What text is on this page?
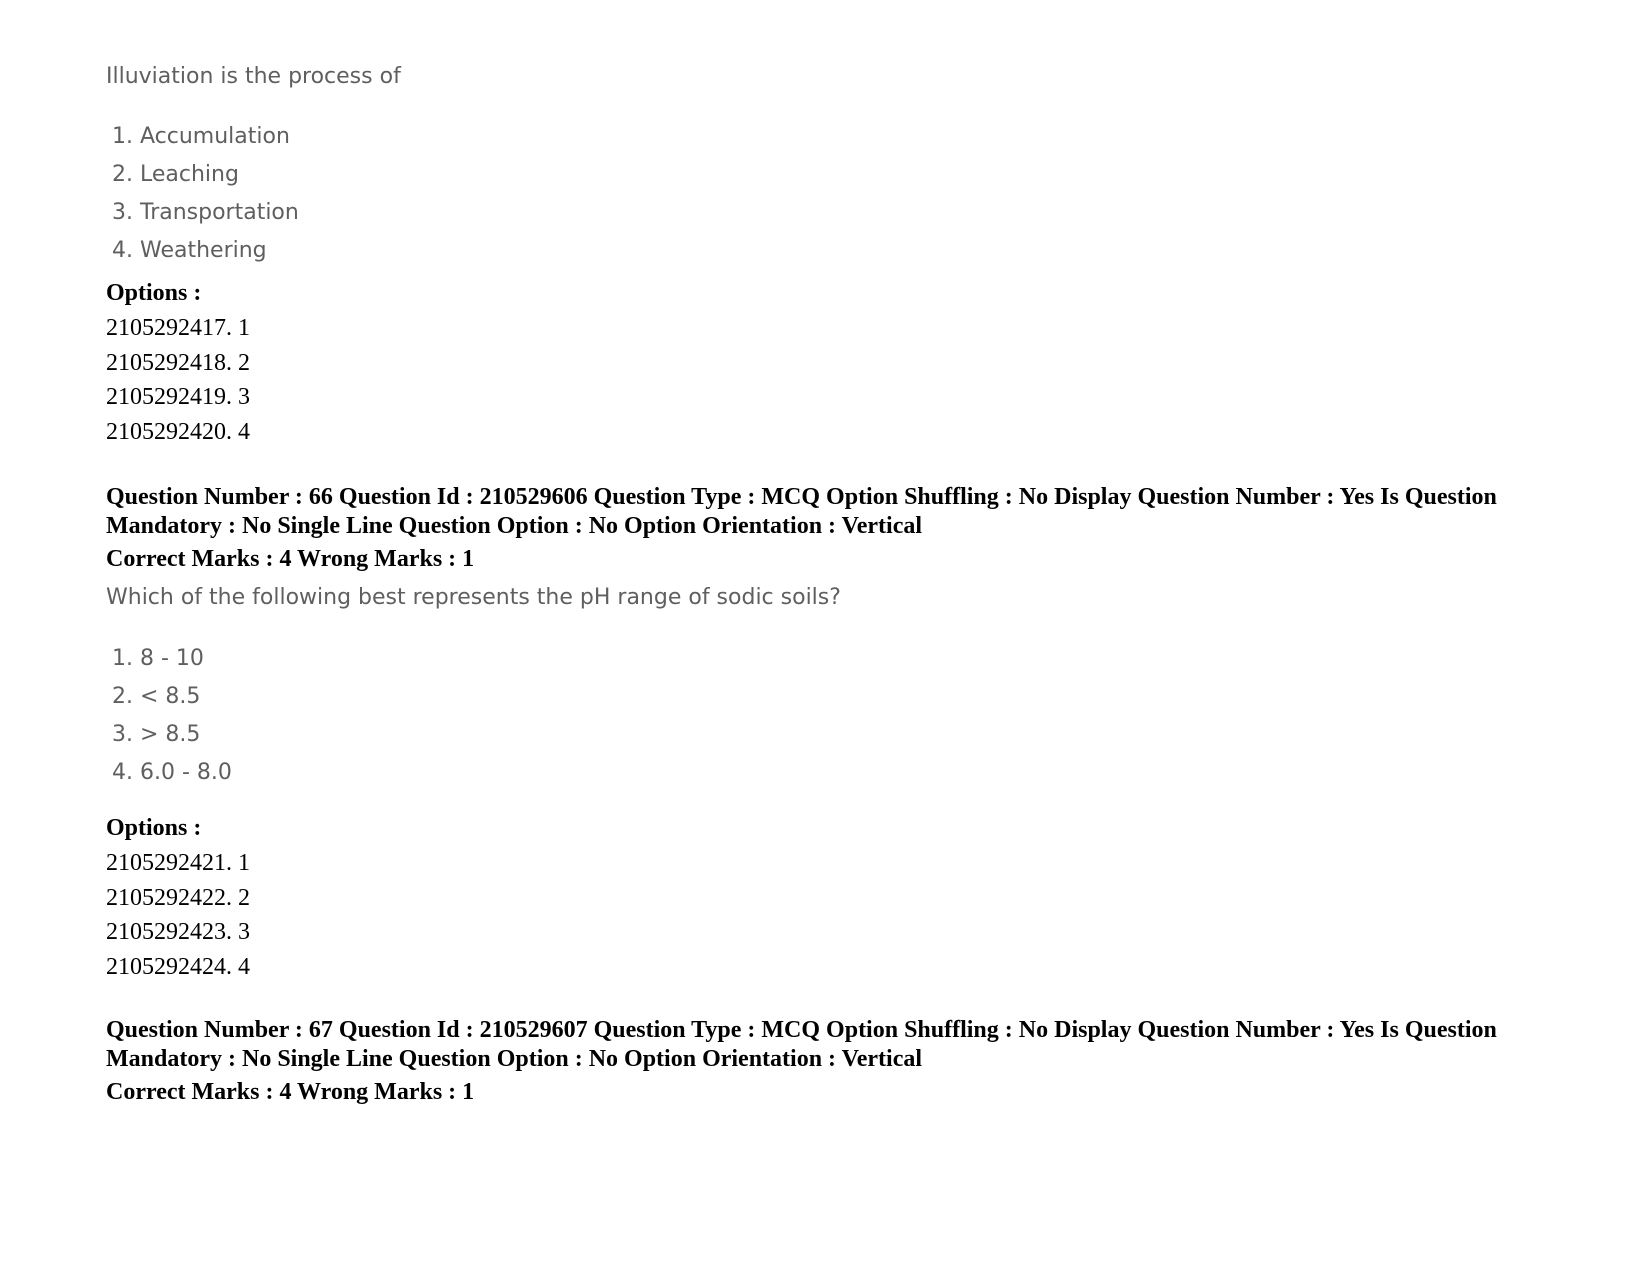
Illuviation is the process of

1. Accumulation
2. Leaching
3. Transportation
4. Weathering

Options :

2105292417. 1

2105292418. 2

2105292419. 3

2105292420. 4

Question Number : 66 Question Id : 210529606 Question Type : MCQ Option Shuffling : No Display Question Number : Yes Is Question

Mandatory : No Single Line Question Option : No Option Orientation : Vertical

Correct Marks : 4 Wrong Marks : 1

Which of the following best represents the pH range of sodic soils?

1. 8 - 10
2. < 8.5
3. > 8.5
4. 6.0 - 8.0

Options :

2105292421. 1

2105292422. 2

2105292423. 3

2105292424. 4

Question Number : 67 Question Id : 210529607 Question Type : MCQ Option Shuffling : No Display Question Number : Yes Is Question

Mandatory : No Single Line Question Option : No Option Orientation : Vertical

Correct Marks : 4 Wrong Marks : 1
